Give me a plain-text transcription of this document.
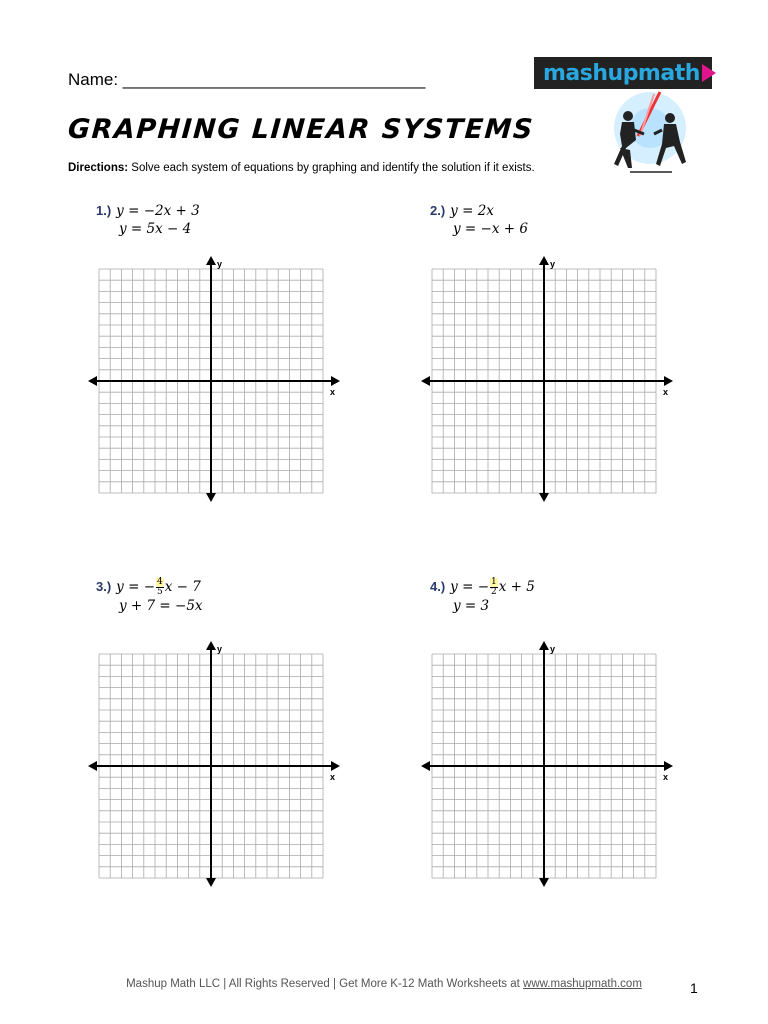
Name: ________________________________	mashupmath
GRAPHING LINEAR SYSTEMS
Directions: Solve each system of equations by graphing and identify the solution if it exists.
1.) y = −2x + 3
y = 5x − 4
2.) y = 2x
y = −x + 6
3.) y = − $\frac{4}{5}$ x − 7
y + 7 = −5x
4.) y = − $\frac{1}{2}$ x + 5
y = 3
x
y
x
y
x
y
x
y
Mashup Math LLC | All Rights Reserved | Get More K-12 Math Worksheets at www.mashupmath.com	1
